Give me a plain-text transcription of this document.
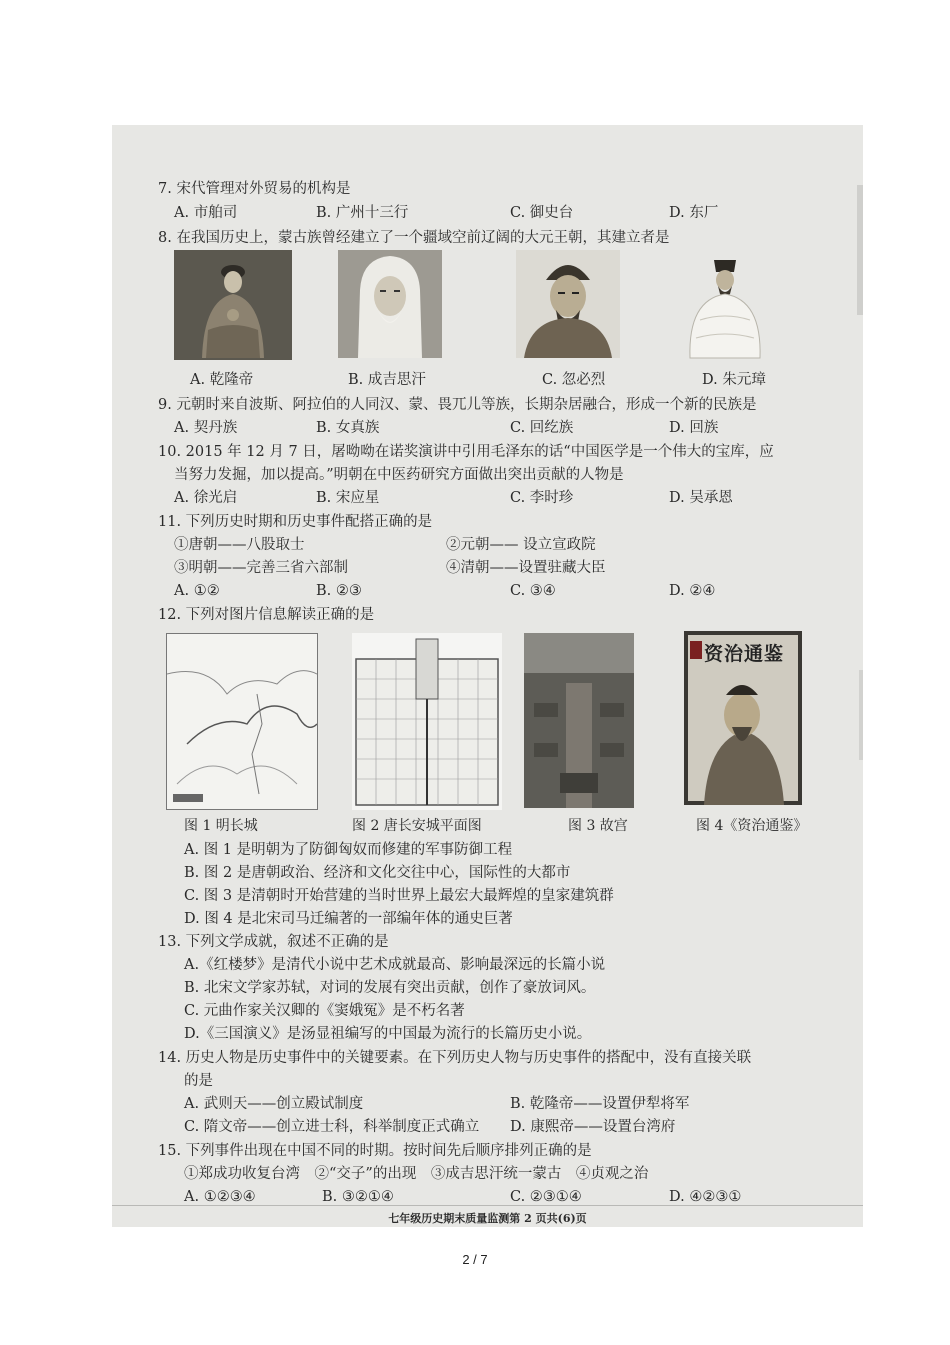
7. 宋代管理对外贸易的机构是
A. 市舶司	B. 广州十三行	C. 御史台	D. 东厂
8. 在我国历史上，蒙古族曾经建立了一个疆域空前辽阔的大元王朝，其建立者是
A. 乾隆帝	B. 成吉思汗	C. 忽必烈	D. 朱元璋
9. 元朝时来自波斯、阿拉伯的人同汉、蒙、畏兀儿等族，长期杂居融合，形成一个新的民族是
A. 契丹族	B. 女真族	C. 回纥族	D. 回族
10. 2015 年 12 月 7 日，屠呦呦在诺奖演讲中引用毛泽东的话“中国医学是一个伟大的宝库，应
当努力发掘，加以提高。”明朝在中医药研究方面做出突出贡献的人物是
A. 徐光启	B. 宋应星	C. 李时珍	D. 吴承恩
11. 下列历史时期和历史事件配搭正确的是
①唐朝——八股取士	②元朝—— 设立宣政院
③明朝——完善三省六部制	④清朝——设置驻藏大臣
A. ①②	B. ②③	C. ③④	D. ②④
12. 下列对图片信息解读正确的是
资治通鉴
图 1 明长城	图 2 唐长安城平面图	图 3 故宫	图 4《资治通鉴》
A. 图 1 是明朝为了防御匈奴而修建的军事防御工程
B. 图 2 是唐朝政治、经济和文化交往中心，国际性的大都市
C. 图 3 是清朝时开始营建的当时世界上最宏大最辉煌的皇家建筑群
D. 图 4 是北宋司马迁编著的一部编年体的通史巨著
13. 下列文学成就，叙述不正确的是
A.《红楼梦》是清代小说中艺术成就最高、影响最深远的长篇小说
B. 北宋文学家苏轼，对词的发展有突出贡献，创作了豪放词风。
C. 元曲作家关汉卿的《窦娥冤》是不朽名著
D.《三国演义》是汤显祖编写的中国最为流行的长篇历史小说。
14. 历史人物是历史事件中的关键要素。在下列历史人物与历史事件的搭配中，没有直接关联
的是
A. 武则天——创立殿试制度	B. 乾隆帝——设置伊犁将军
C. 隋文帝——创立进士科，科举制度正式确立 D. 康熙帝——设置台湾府
15. 下列事件出现在中国不同的时期。按时间先后顺序排列正确的是
①郑成功收复台湾　②“交子”的出现　③成吉思汗统一蒙古　④贞观之治
A. ①②③④	B. ③②①④	C. ②③①④	D. ④②③①
七年级历史期末质量监测第 2 页共(6)页
2 / 7
